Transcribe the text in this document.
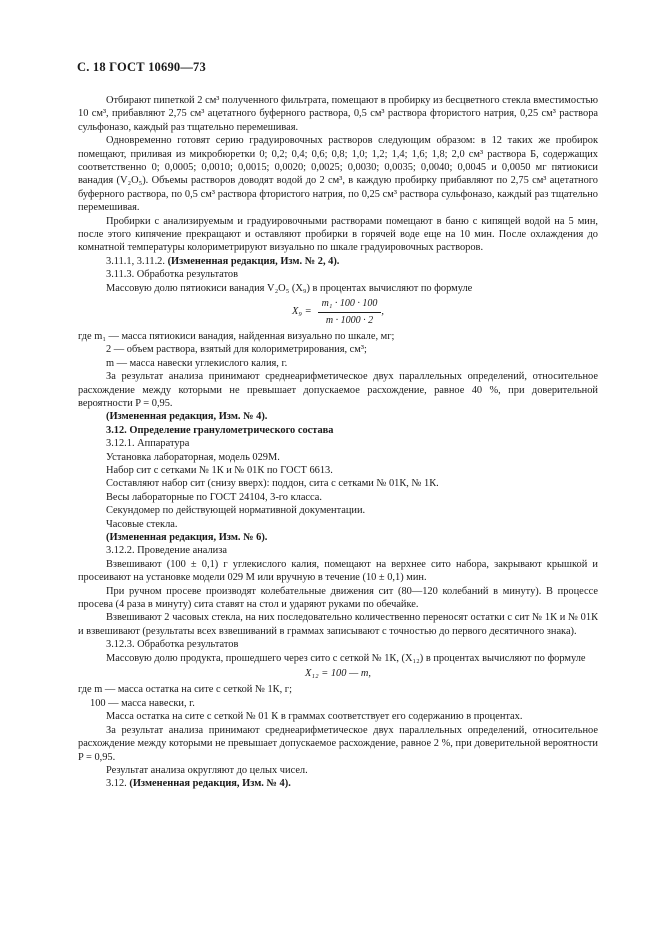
С. 18 ГОСТ 10690—73

Отбирают пипеткой 2 см³ полученного фильтрата, помещают в пробирку из бесцветного стекла вместимостью 10 см³, прибавляют 2,75 см³ ацетатного буферного раствора, 0,5 см³ раствора фтористого натрия, 0,25 см³ раствора сульфоназо, каждый раз тщательно перемешивая.

Одновременно готовят серию градуировочных растворов следующим образом: в 12 таких же пробирок помещают, приливая из микробюретки 0; 0,2; 0,4; 0,6; 0,8; 1,0; 1,2; 1,4; 1,6; 1,8; 2,0 см³ раствора Б, содержащих соответственно 0; 0,0005; 0,0010; 0,0015; 0,0020; 0,0025; 0,0030; 0,0035; 0,0040; 0,0045 и 0,0050 мг пятиокиси ванадия (V₂O₅). Объемы растворов доводят водой до 2 см³, в каждую пробирку прибавляют по 2,75 см³ ацетатного буферного раствора, по 0,5 см³ раствора фтористого натрия, по 0,25 см³ раствора сульфоназо, каждый раз тщательно перемешивая.

Пробирки с анализируемым и градуировочными растворами помещают в баню с кипящей водой на 5 мин, после этого кипячение прекращают и оставляют пробирки в горячей воде еще на 10 мин. После охлаждения до комнатной температуры колориметрируют визуально по шкале градуировочных растворов.

3.11.1, 3.11.2. (Измененная редакция, Изм. № 2, 4).

3.11.3. Обработка результатов

Массовую долю пятиокиси ванадия V₂O₅ (X₉) в процентах вычисляют по формуле

$X_9 = \frac{\text{m₁ · 100 · 100}}{m \cdot 1000 \cdot 2}$ ,

где m₁ — масса пятиокиси ванадия, найденная визуально по шкале, мг;

2 — объем раствора, взятый для колориметрирования, см³;

m — масса навески углекислого калия, г.

За результат анализа принимают среднеарифметическое двух параллельных определений, относительное расхождение между которыми не превышает допускаемое расхождение, равное 40 %, при доверительной вероятности P = 0,95.

(Измененная редакция, Изм. № 4).

3.12. Определение гранулометрического состава

3.12.1. Аппаратура

Установка лабораторная, модель 029М.

Набор сит с сетками № 1К и № 01К по ГОСТ 6613.

Составляют набор сит (снизу вверх): поддон, сита с сетками № 01К, № 1К.

Весы лабораторные по ГОСТ 24104, 3-го класса.

Секундомер по действующей нормативной документации.

Часовые стекла.

(Измененная редакция, Изм. № 6).

3.12.2. Проведение анализа

Взвешивают (100 ± 0,1) г углекислого калия, помещают на верхнее сито набора, закрывают крышкой и просеивают на установке модели 029 М или вручную в течение (10 ± 0,1) мин.

При ручном просеве производят колебательные движения сит (80—120 колебаний в минуту). В процессе просева (4 раза в минуту) сита ставят на стол и ударяют руками по обечайке.

Взвешивают 2 часовых стекла, на них последовательно количественно переносят остатки с сит № 1К и № 01К и взвешивают (результаты всех взвешиваний в граммах записывают с точностью до первого десятичного знака).

3.12.3. Обработка результатов

Массовую долю продукта, прошедшего через сито с сеткой № 1К, (X₁₂) в процентах вычисляют по формуле

X₁₂ = 100 — m,

где m — масса остатка на сите с сеткой № 1К, г;

100 — масса навески, г.

Масса остатка на сите с сеткой № 01 К в граммах соответствует его содержанию в процентах.

За результат анализа принимают среднеарифметическое двух параллельных определений, относительное расхождение между которыми не превышает допускаемое расхождение, равное 2 %, при доверительной вероятности P = 0,95.

Результат анализа округляют до целых чисел.

3.12. (Измененная редакция, Изм. № 4).
